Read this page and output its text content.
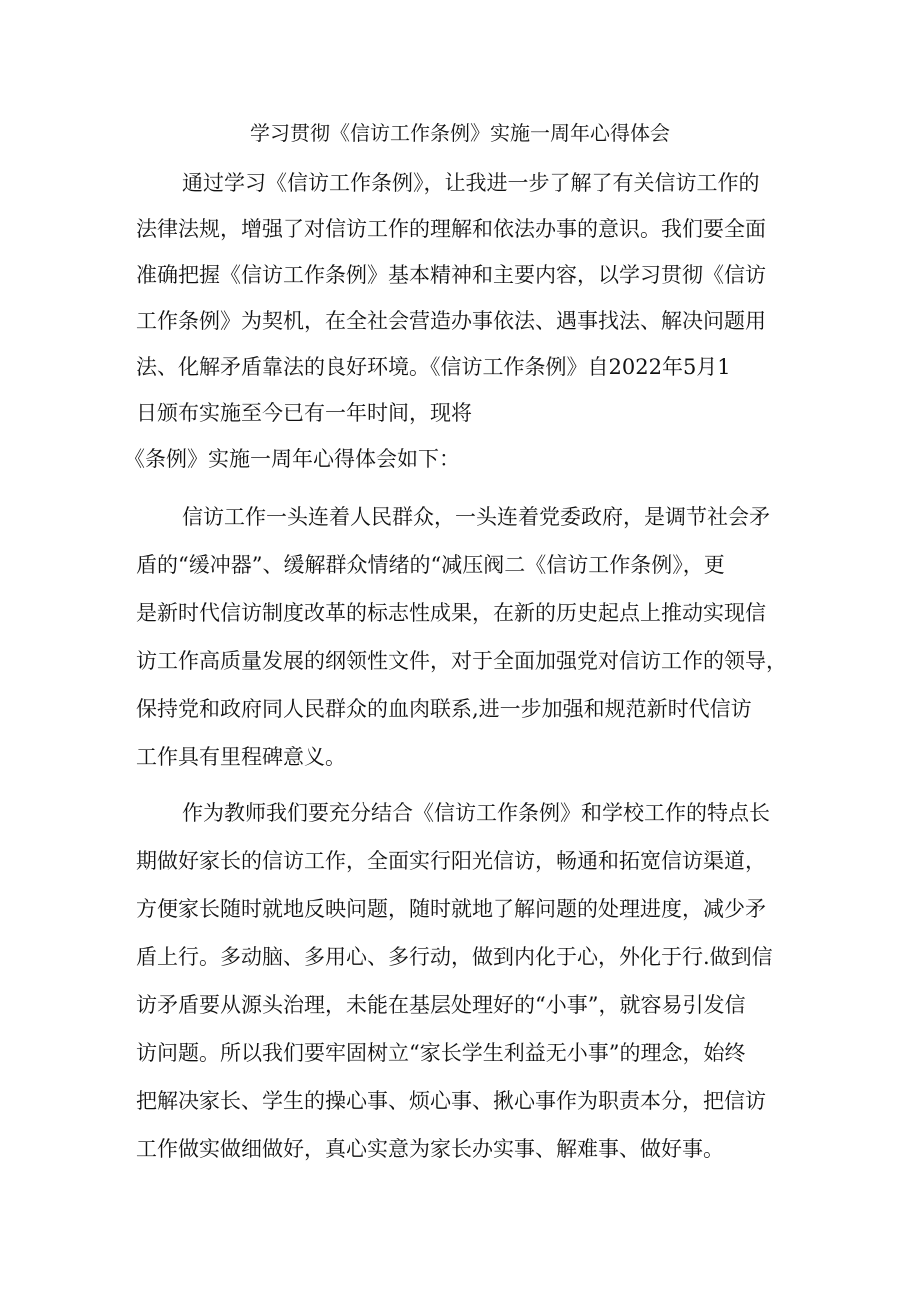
学习贯彻《信访工作条例》实施一周年心得体会
通过学习《信访工作条例》，让我进一步了解了有关信访工作的
法律法规，增强了对信访工作的理解和依法办事的意识。我们要全面
准确把握《信访工作条例》基本精神和主要内容，以学习贯彻《信访
工作条例》为契机，在全社会营造办事依法、遇事找法、解决问题用
法、化解矛盾靠法的良好环境。《信访工作条例》自2022年5月1
日颁布实施至今已有一年时间，现将
《条例》实施一周年心得体会如下：
信访工作一头连着人民群众，一头连着党委政府，是调节社会矛
盾的“缓冲器”、缓解群众情绪的“减压阀二《信访工作条例》，更
是新时代信访制度改革的标志性成果，在新的历史起点上推动实现信
访工作高质量发展的纲领性文件，对于全面加强党对信访工作的领导，
保持党和政府同人民群众的血肉联系,进一步加强和规范新时代信访
工作具有里程碑意义。
作为教师我们要充分结合《信访工作条例》和学校工作的特点长
期做好家长的信访工作，全面实行阳光信访，畅通和拓宽信访渠道，
方便家长随时就地反映问题，随时就地了解问题的处理进度，减少矛
盾上行。多动脑、多用心、多行动，做到内化于心，外化于行.做到信
访矛盾要从源头治理，未能在基层处理好的“小事”，就容易引发信
访问题。所以我们要牢固树立“家长学生利益无小事”的理念，始终
把解决家长、学生的操心事、烦心事、揪心事作为职责本分，把信访
工作做实做细做好，真心实意为家长办实事、解难事、做好事。
